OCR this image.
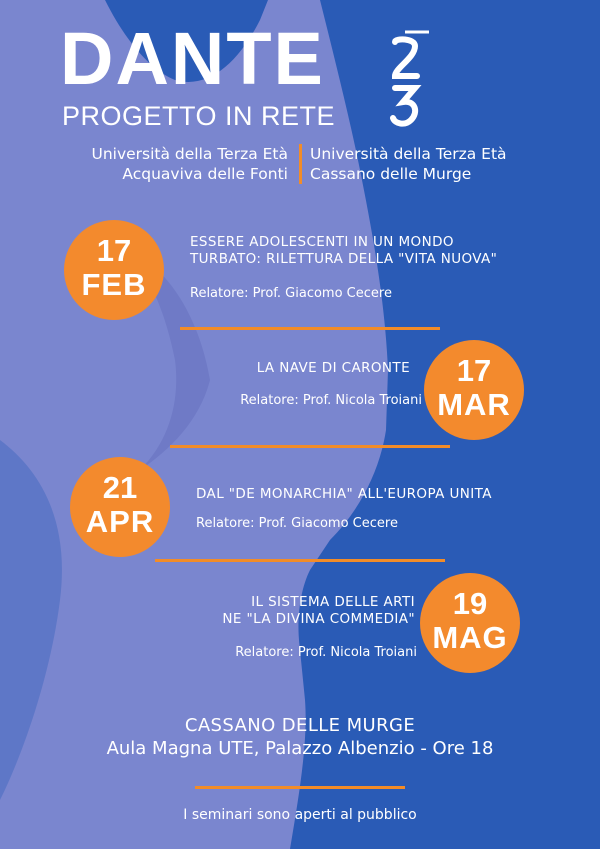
DANTE
PROGETTO IN RETE
Università della Terza Età
Acquaviva delle Fonti
Università della Terza Età
Cassano delle Murge
17
FEB
ESSERE ADOLESCENTI IN UN MONDO
TURBATO: RILETTURA DELLA "VITA NUOVA"
Relatore: Prof. Giacomo Cecere
LA NAVE DI CARONTE
Relatore: Prof. Nicola Troiani
17
MAR
21
APR
DAL "DE MONARCHIA" ALL'EUROPA UNITA
Relatore: Prof. Giacomo Cecere
IL SISTEMA DELLE ARTI
NE "LA DIVINA COMMEDIA"
Relatore: Prof. Nicola Troiani
19
MAG
CASSANO DELLE MURGE
Aula Magna UTE, Palazzo Albenzio - Ore 18
I seminari sono aperti al pubblico
